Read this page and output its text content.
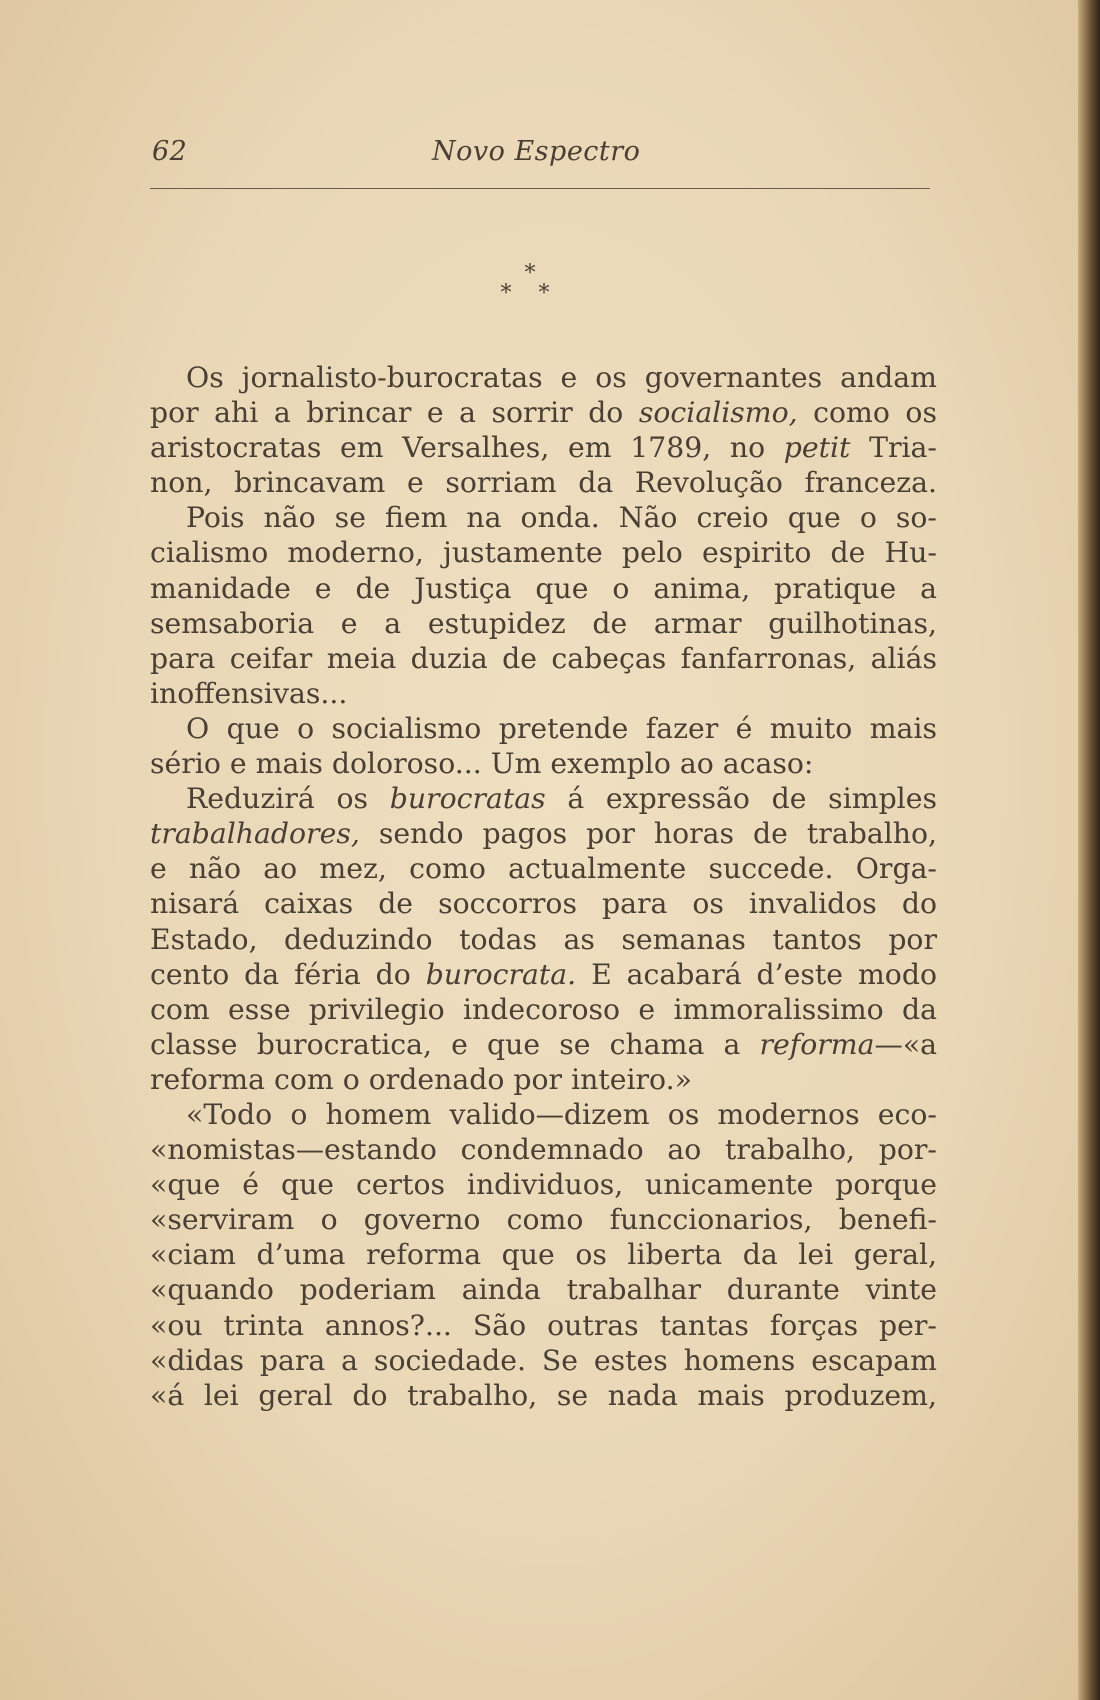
62	Novo Espectro
*
* *
Os jornalisto-burocratas e os governantes andam
por ahi a brincar e a sorrir do socialismo, como os
aristocratas em Versalhes, em 1789, no petit Tria-
non, brincavam e sorriam da Revolução franceza.
Pois não se fiem na onda. Não creio que o so-
cialismo moderno, justamente pelo espirito de Hu-
manidade e de Justiça que o anima, pratique a
semsaboria e a estupidez de armar guilhotinas,
para ceifar meia duzia de cabeças fanfarronas, aliás
inoffensivas...
O que o socialismo pretende fazer é muito mais
sério e mais doloroso... Um exemplo ao acaso:
Reduzirá os burocratas á expressão de simples
trabalhadores, sendo pagos por horas de trabalho,
e não ao mez, como actualmente succede. Orga-
nisará caixas de soccorros para os invalidos do
Estado, deduzindo todas as semanas tantos por
cento da féria do burocrata. E acabará d’este modo
com esse privilegio indecoroso e immoralissimo da
classe burocratica, e que se chama a reforma—«a
reforma com o ordenado por inteiro.»
«Todo o homem valido—dizem os modernos eco-
«nomistas—estando condemnado ao trabalho, por-
«que é que certos individuos, unicamente porque
«serviram o governo como funccionarios, benefi-
«ciam d’uma reforma que os liberta da lei geral,
«quando poderiam ainda trabalhar durante vinte
«ou trinta annos?... São outras tantas forças per-
«didas para a sociedade. Se estes homens escapam
«á lei geral do trabalho, se nada mais produzem,
